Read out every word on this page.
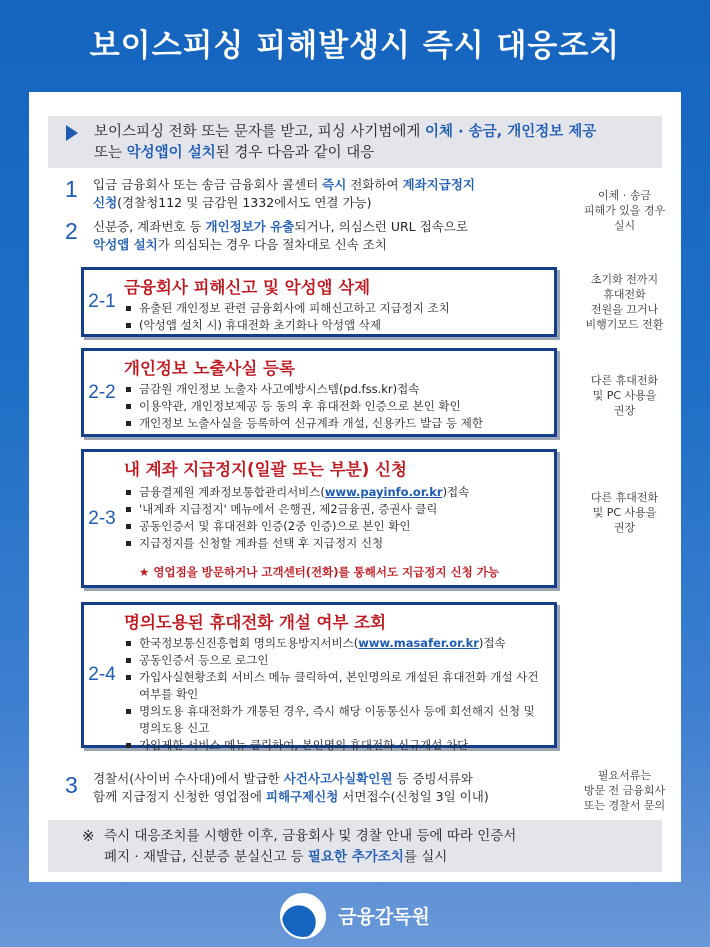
보이스피싱 피해발생시 즉시 대응조치
보이스피싱 전화 또는 문자를 받고, 피싱 사기범에게 이체 · 송금, 개인정보 제공
또는 악성앱이 설치된 경우 다음과 같이 대응
1 입금 금융회사 또는 송금 금융회사 콜센터 즉시 전화하여 계좌지급정지
신청(경찰청112 및 금감원 1332에서도 연결 가능)
2 신분증, 계좌번호 등 개인정보가 유출되거나, 의심스런 URL 접속으로
악성앱 설치가 의심되는 경우 다음 절차대로 신속 조치
이체 · 송금
피해가 있을 경우
실시
2-1
금융회사 피해신고 및 악성앱 삭제
유출된 개인정보 관련 금융회사에 피해신고하고 지급정지 조치
(악성앱 설치 시) 휴대전화 초기화나 악성앱 삭제
초기화 전까지
휴대전화
전원을 끄거나
비행기모드 전환
2-2
개인정보 노출사실 등록
금감원 개인정보 노출자 사고예방시스템(pd.fss.kr)접속
이용약관, 개인정보제공 등 동의 후 휴대전화 인증으로 본인 확인
개인정보 노출사실을 등록하여 신규계좌 개설, 신용카드 발급 등 제한
다른 휴대전화
및 PC 사용을
권장
2-3
내 계좌 지급정지(일괄 또는 부분) 신청
금융결제원 계좌정보통합관리서비스(www.payinfo.or.kr)접속
'내계좌 지급정지' 메뉴에서 은행권, 제2금융권, 증권사 클릭
공동인증서 및 휴대전화 인증(2중 인증)으로 본인 확인
지급정지를 신청할 계좌를 선택 후 지급정지 신청
★ 영업점을 방문하거나 고객센터(전화)를 통해서도 지급정지 신청 가능
다른 휴대전화
및 PC 사용을
권장
2-4
명의도용된 휴대전화 개설 여부 조회
한국정보통신진흥협회 명의도용방지서비스(www.masafer.or.kr)접속
공동인증서 등으로 로그인
가입사실현황조회 서비스 메뉴 클릭하여, 본인명의로 개설된 휴대전화 개설 사건여부를 확인
명의도용 휴대전화가 개통된 경우, 즉시 해당 이동통신사 등에 회선해지 신청 및 명의도용 신고
가입제한 서비스 메뉴 클릭하여, 본인명의 휴대전화 신규개설 차단
3 경찰서(사이버 수사대)에서 발급한 사건사고사실확인원 등 증빙서류와
함께 지급정지 신청한 영업점에 피해구제신청 서면접수(신청일 3일 이내)
필요서류는
방문 전 금융회사
또는 경찰서 문의
※ 즉시 대응조치를 시행한 이후, 금융회사 및 경찰 안내 등에 따라 인증서
폐지 · 재발급, 신분증 분실신고 등 필요한 추가조치를 실시
금융감독원
